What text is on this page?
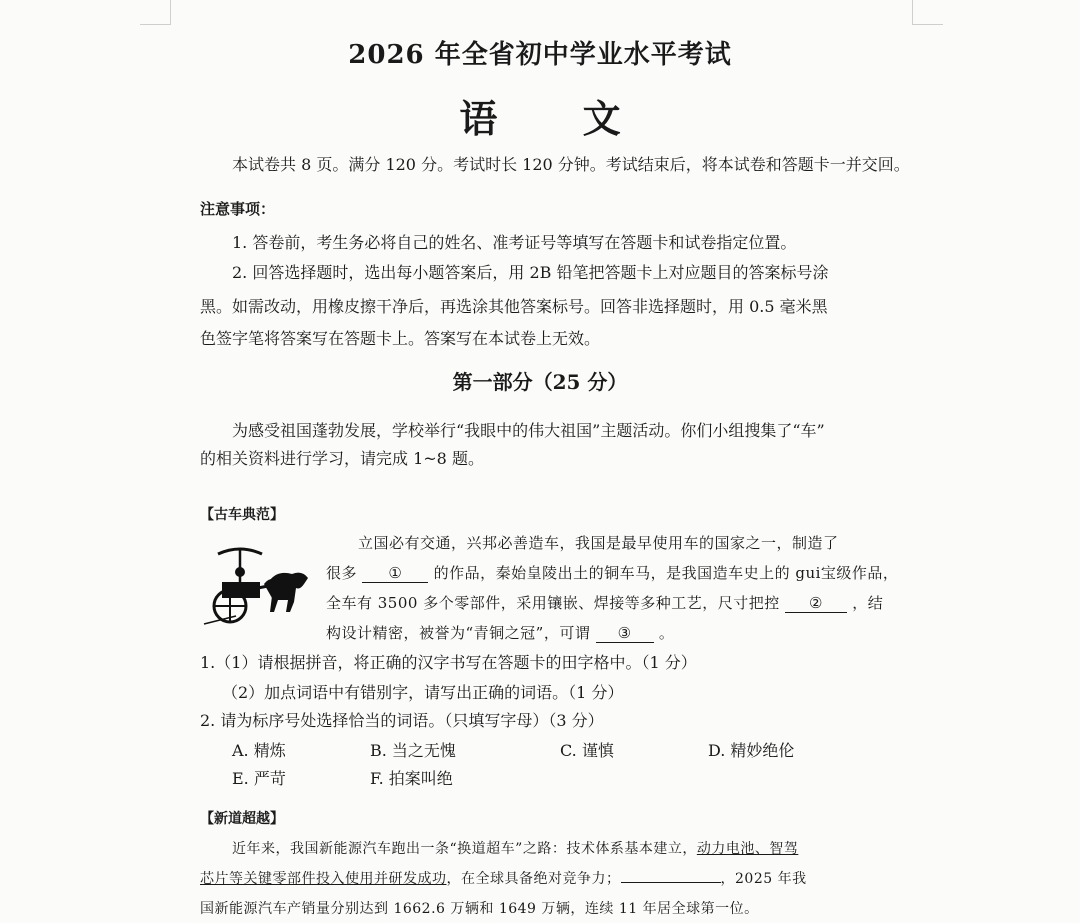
2026 年全省初中学业水平考试
语 文
本试卷共 8 页。满分 120 分。考试时长 120 分钟。考试结束后，将本试卷和答题卡一并交回。
注意事项：
1. 答卷前，考生务必将自己的姓名、准考证号等填写在答题卡和试卷指定位置。
2. 回答选择题时，选出每小题答案后，用 2B 铅笔把答题卡上对应题目的答案标号涂
黑。如需改动，用橡皮擦干净后，再选涂其他答案标号。回答非选择题时，用 0.5 毫米黑
色签字笔将答案写在答题卡上。答案写在本试卷上无效。
第一部分（25 分）
为感受祖国蓬勃发展，学校举行“我眼中的伟大祖国”主题活动。你们小组搜集了“车”
的相关资料进行学习，请完成 1~8 题。
【古车典范】
立国必有交通，兴邦必善造车，我国是最早使用车的国家之一，制造了
很多 ① 的作品，秦始皇陵出土的铜车马，是我国造车史上的 gui宝级作品，
全车有 3500 多个零部件，采用镶嵌、焊接等多种工艺，尺寸把控 ② ，结
构设计精密，被誉为“青铜之冠”，可谓 ③ 。
1.（1）请根据拼音，将正确的汉字书写在答题卡的田字格中。（1 分）
（2）加点词语中有错别字，请写出正确的词语。（1 分）
2. 请为标序号处选择恰当的词语。（只填写字母）（3 分）
A. 精炼	B. 当之无愧	C. 谨慎	D. 精妙绝伦
E. 严苛	F. 拍案叫绝
【新道超越】
近年来，我国新能源汽车跑出一条“换道超车”之路：技术体系基本建立，动力电池、智驾
芯片等关键零部件投入使用并研发成功，在全球具备绝对竞争力；	，2025 年我
国新能源汽车产销量分别达到 1662.6 万辆和 1649 万辆，连续 11 年居全球第一位。
